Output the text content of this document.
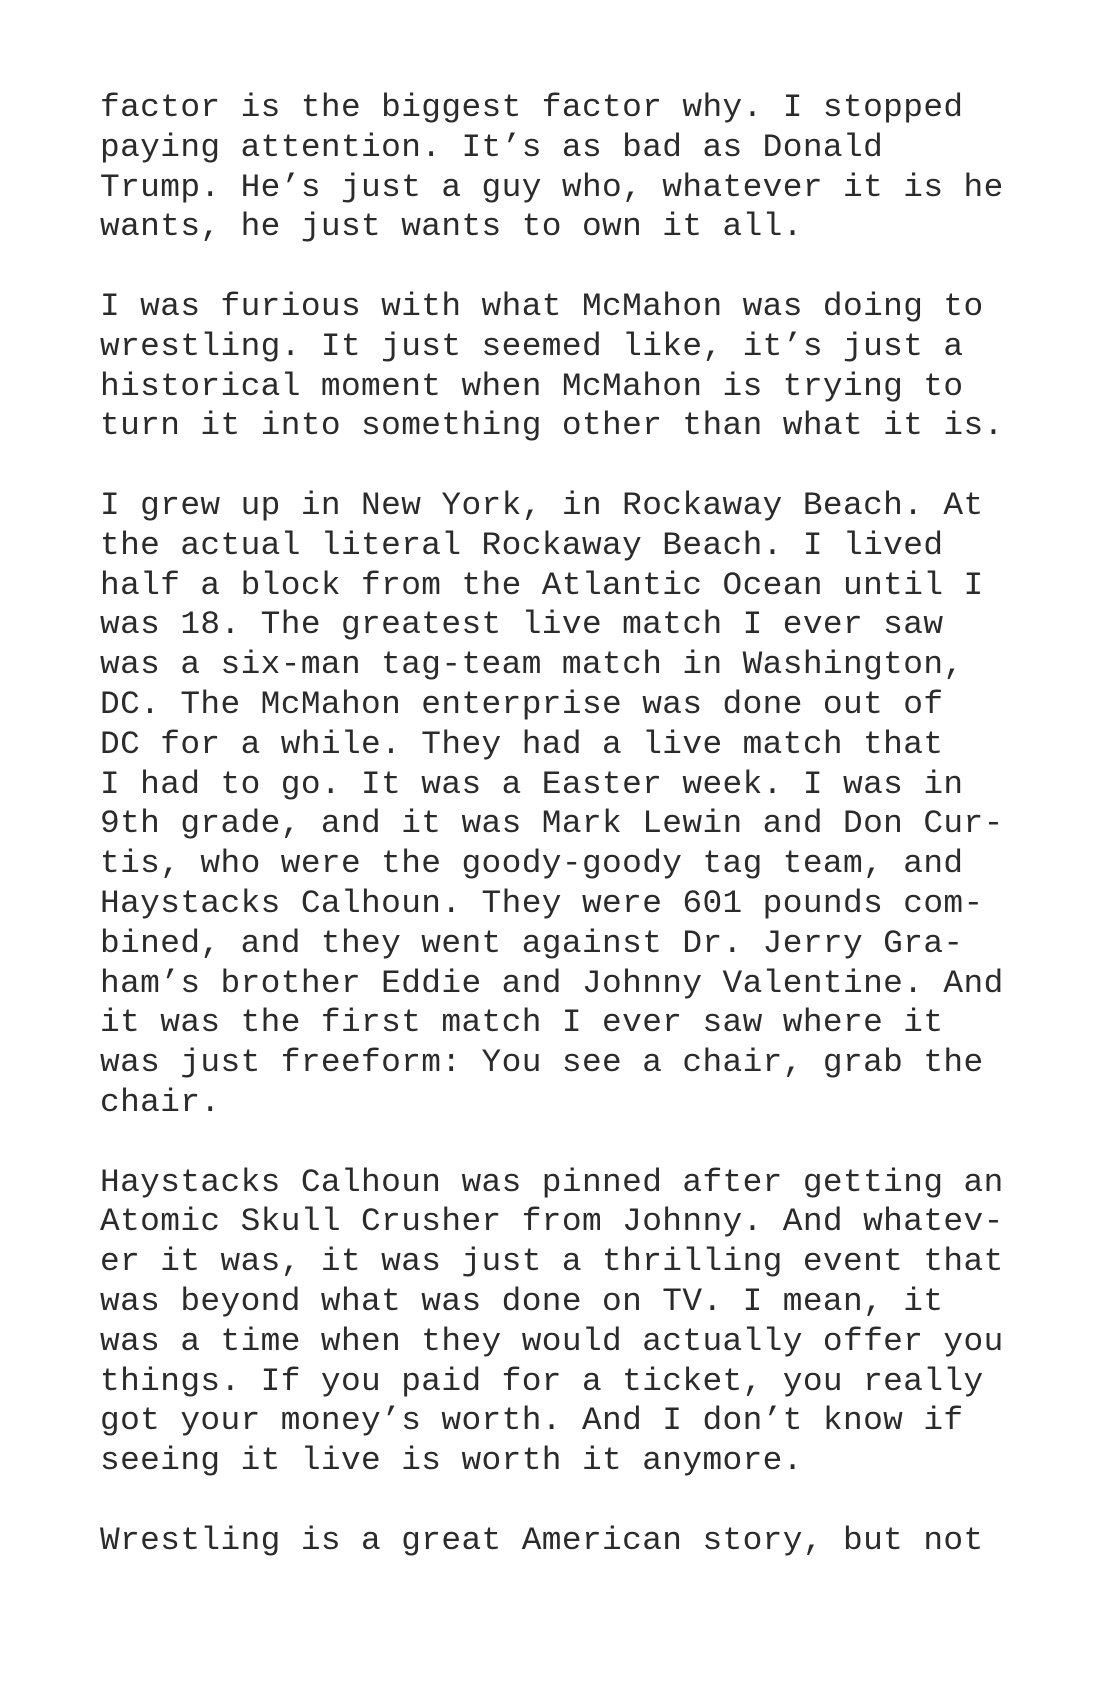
factor is the biggest factor why. I stopped
paying attention. It’s as bad as Donald
Trump. He’s just a guy who, whatever it is he
wants, he just wants to own it all.
I was furious with what McMahon was doing to
wrestling. It just seemed like, it’s just a
historical moment when McMahon is trying to
turn it into something other than what it is.
I grew up in New York, in Rockaway Beach. At
the actual literal Rockaway Beach. I lived
half a block from the Atlantic Ocean until I
was 18. The greatest live match I ever saw
was a six-man tag-team match in Washington,
DC. The McMahon enterprise was done out of
DC for a while. They had a live match that
I had to go. It was a Easter week. I was in
9th grade, and it was Mark Lewin and Don Cur-
tis, who were the goody-goody tag team, and
Haystacks Calhoun. They were 601 pounds com-
bined, and they went against Dr. Jerry Gra-
ham’s brother Eddie and Johnny Valentine. And
it was the first match I ever saw where it
was just freeform: You see a chair, grab the
chair.
Haystacks Calhoun was pinned after getting an
Atomic Skull Crusher from Johnny. And whatev-
er it was, it was just a thrilling event that
was beyond what was done on TV. I mean, it
was a time when they would actually offer you
things. If you paid for a ticket, you really
got your money’s worth. And I don’t know if
seeing it live is worth it anymore.
Wrestling is a great American story, but not
